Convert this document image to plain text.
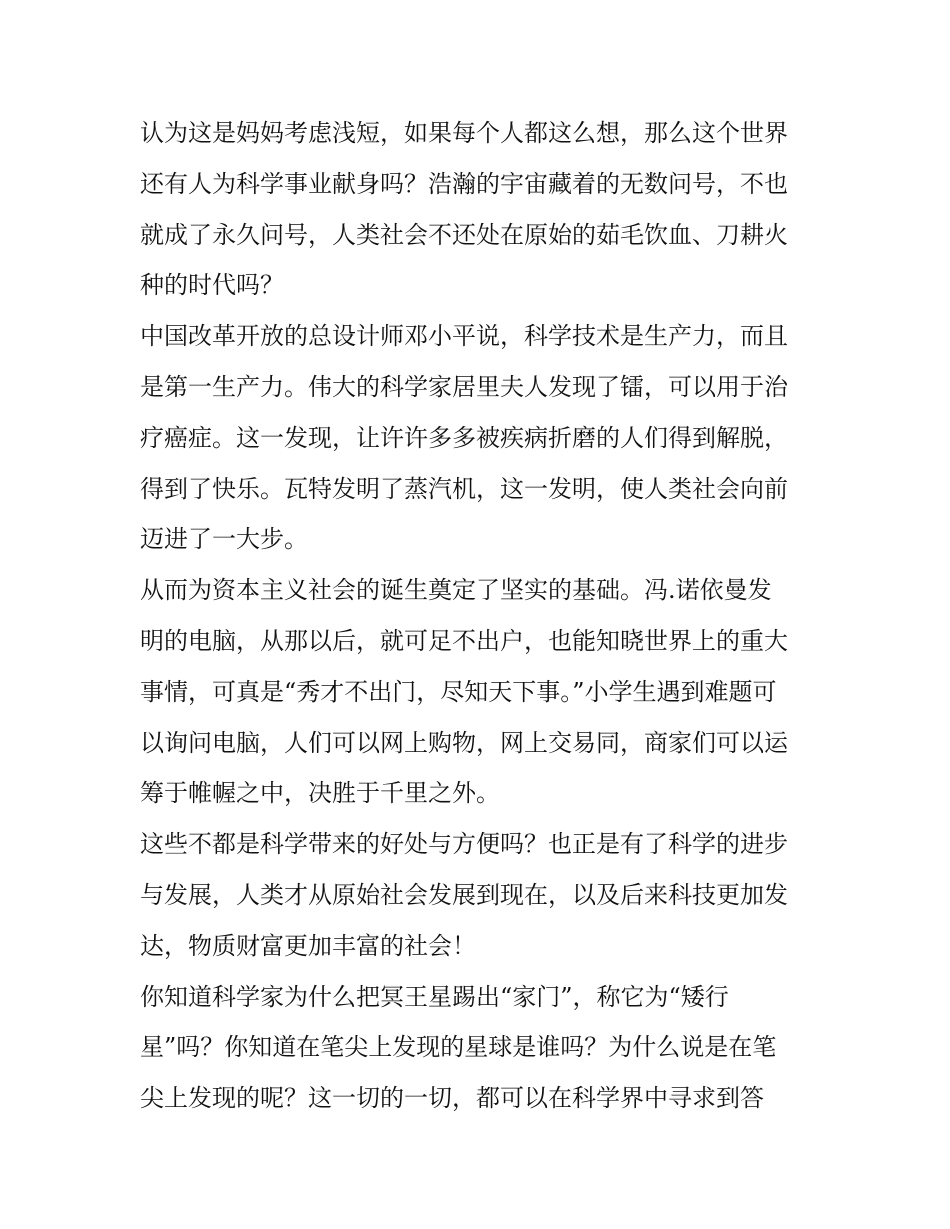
认为这是妈妈考虑浅短，如果每个人都这么想，那么这个世界
还有人为科学事业献身吗？浩瀚的宇宙藏着的无数问号，不也
就成了永久问号，人类社会不还处在原始的茹毛饮血、刀耕火
种的时代吗？
中国改革开放的总设计师邓小平说，科学技术是生产力，而且
是第一生产力。伟大的科学家居里夫人发现了镭，可以用于治
疗癌症。这一发现，让许许多多被疾病折磨的人们得到解脱，
得到了快乐。瓦特发明了蒸汽机，这一发明，使人类社会向前
迈进了一大步。
从而为资本主义社会的诞生奠定了坚实的基础。冯.诺依曼发
明的电脑，从那以后，就可足不出户，也能知晓世界上的重大
事情，可真是“秀才不出门，尽知天下事。”小学生遇到难题可
以询问电脑，人们可以网上购物，网上交易同，商家们可以运
筹于帷幄之中，决胜于千里之外。
这些不都是科学带来的好处与方便吗？也正是有了科学的进步
与发展，人类才从原始社会发展到现在，以及后来科技更加发
达，物质财富更加丰富的社会！
你知道科学家为什么把冥王星踢出“家门”，称它为“矮行
星”吗？你知道在笔尖上发现的星球是谁吗？为什么说是在笔
尖上发现的呢？这一切的一切，都可以在科学界中寻求到答
